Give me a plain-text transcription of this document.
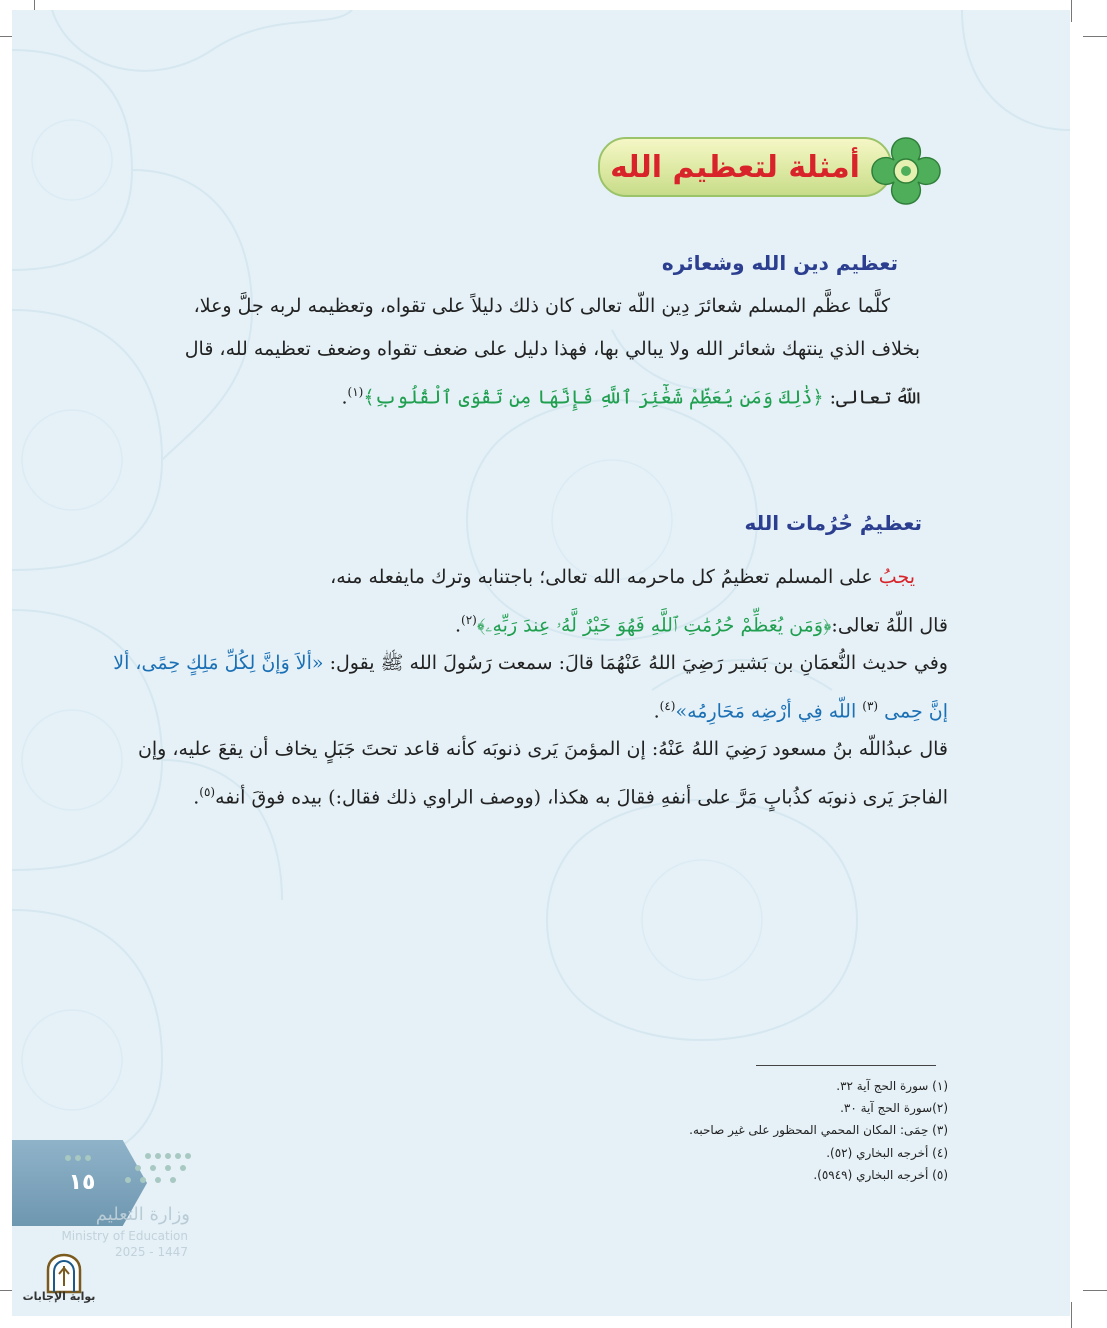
أمثلة لتعظيم الله
تعظيم دين الله وشعائره
كلَّما عظَّم المسلم شعائرَ دِين اللّه تعالى كان ذلك دليلاً على تقواه، وتعظيمه لربه جلَّ وعلا،
بخلاف الذي ينتهك شعائر الله ولا يبالي بها، فهذا دليل على ضعف تقواه وضعف تعظيمه لله، قال
اللّهُ تعالى: ﴿ذَٰلِكَ وَمَن يُعَظِّمْ شَعَٰٓئِرَ ٱللَّهِ فَإِنَّهَا مِن تَقْوَى ٱلْقُلُوبِ﴾$^{(١)}$.
تعظيمُ حُرُمات الله
يجبُ على المسلم تعظيمُ كل ماحرمه الله تعالى؛ باجتنابه وترك مايفعله منه،
قال اللّهُ تعالى:﴿وَمَن يُعَظِّمْ حُرُمَٰتِ ٱللَّهِ فَهُوَ خَيْرٌ لَّهُۥ عِندَ رَبِّهِۦ﴾$^{(٢)}$.
وفي حديث النُّعمَانِ بن بَشير رَضِيَ اللهُ عَنْهُمَا قالَ: سمعت رَسُولَ الله ﷺ يقول: «ألاَ وَإنَّ لِكُلِّ مَلِكٍ حِمًى، ألا
إنَّ حِمى $^{(٣)}$ اللّه فِي أرْضِه مَحَارِمُه»$^{(٤)}$.
قال عبدُاللّه بنُ مسعود رَضِيَ اللهُ عَنْهُ: إن المؤمنَ يَرى ذنوبَه كأنه قاعد تحتَ جَبَلٍ يخاف أن يقعَ عليه، وإن
الفاجرَ يَرى ذنوبَه كذُبابٍ مَرَّ على أنفهِ فقالَ به هكذا، (ووصف الراوي ذلك فقال:) بيده فوقَ أنفه$^{(٥)}$.
(١) سورة الحج آية ٣٢.
(٢)سورة الحج آية ٣٠.
(٣) حِمَى: المكان المحمي المحظور على غير صاحبه.
(٤) أخرجه البخاري (٥٢).
(٥) أخرجه البخاري (٥٩٤٩).
١٥
وزارة التعليم
Ministry of Education
2025 - 1447
بوابة الإجابات
